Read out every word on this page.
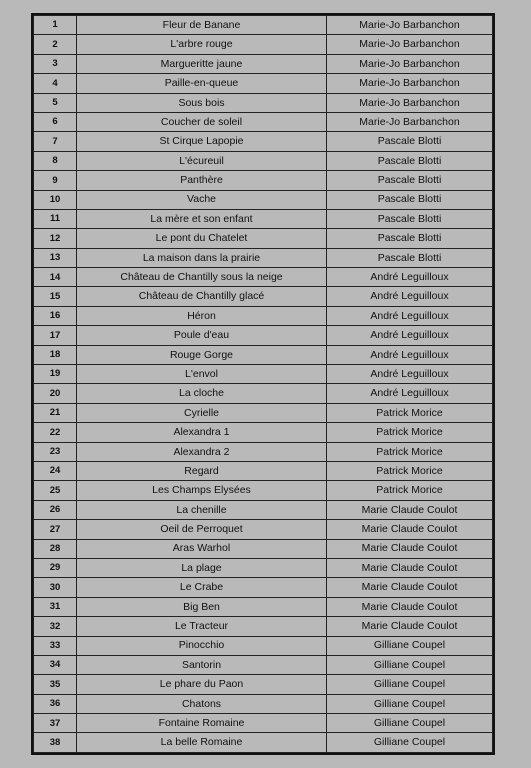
1	Fleur de Banane	Marie-Jo Barbanchon
2	L'arbre rouge	Marie-Jo Barbanchon
3	Margueritte jaune	Marie-Jo Barbanchon
4	Paille-en-queue	Marie-Jo Barbanchon
5	Sous bois	Marie-Jo Barbanchon
6	Coucher de soleil	Marie-Jo Barbanchon
7	St Cirque Lapopie	Pascale Blotti
8	L'écureuil	Pascale Blotti
9	Panthère	Pascale Blotti
10	Vache	Pascale Blotti
11	La mère et son enfant	Pascale Blotti
12	Le pont du Chatelet	Pascale Blotti
13	La maison dans la prairie	Pascale Blotti
14	Château de Chantilly sous la neige	André Leguilloux
15	Château de Chantilly glacé	André Leguilloux
16	Héron	André Leguilloux
17	Poule d'eau	André Leguilloux
18	Rouge Gorge	André Leguilloux
19	L'envol	André Leguilloux
20	La cloche	André Leguilloux
21	Cyrielle	Patrick Morice
22	Alexandra 1	Patrick Morice
23	Alexandra 2	Patrick Morice
24	Regard	Patrick Morice
25	Les Champs Elysées	Patrick Morice
26	La chenille	Marie Claude Coulot
27	Oeil de Perroquet	Marie Claude Coulot
28	Aras Warhol	Marie Claude Coulot
29	La plage	Marie Claude Coulot
30	Le Crabe	Marie Claude Coulot
31	Big Ben	Marie Claude Coulot
32	Le Tracteur	Marie Claude Coulot
33	Pinocchio	Gilliane Coupel
34	Santorin	Gilliane Coupel
35	Le phare du Paon	Gilliane Coupel
36	Chatons	Gilliane Coupel
37	Fontaine Romaine	Gilliane Coupel
38	La belle Romaine	Gilliane Coupel
